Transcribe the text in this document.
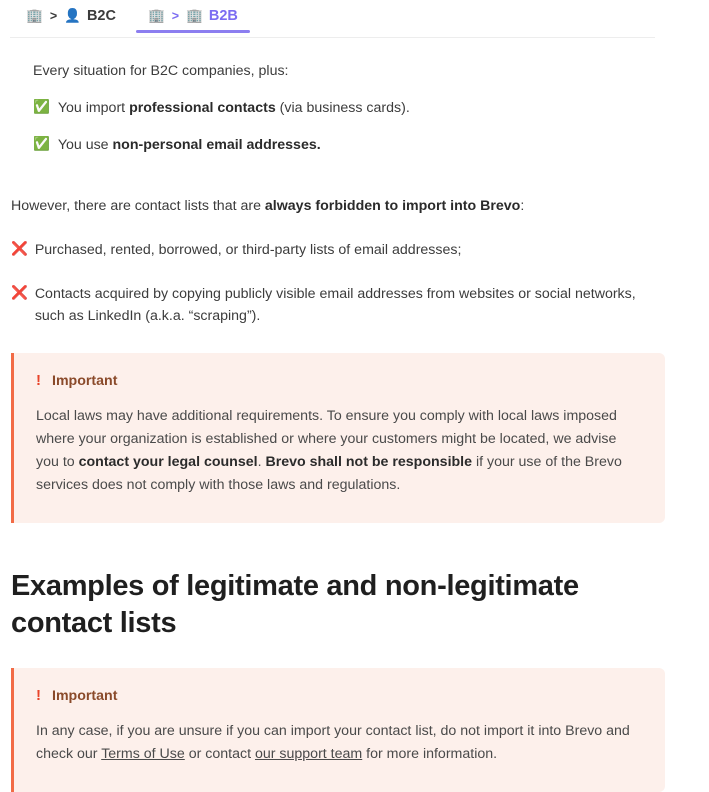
🏢 > 👤 B2C 🏢 > 🏢 B2B

Every situation for B2C companies, plus:

✅ You import professional contacts (via business cards).
✅ You use non-personal email addresses.

However, there are contact lists that are always forbidden to import into Brevo:

❌ Purchased, rented, borrowed, or third-party lists of email addresses;
❌ Contacts acquired by copying publicly visible email addresses from websites or social networks, such as LinkedIn (a.k.a. “scraping”).
! Important
Local laws may have additional requirements. To ensure you comply with local laws imposed where your organization is established or where your customers might be located, we advise you to contact your legal counsel. Brevo shall not be responsible if your use of the Brevo services does not comply with those laws and regulations.
Examples of legitimate and non-legitimate contact lists
! Important
In any case, if you are unsure if you can import your contact list, do not import it into Brevo and check our Terms of Use or contact our support team for more information.
